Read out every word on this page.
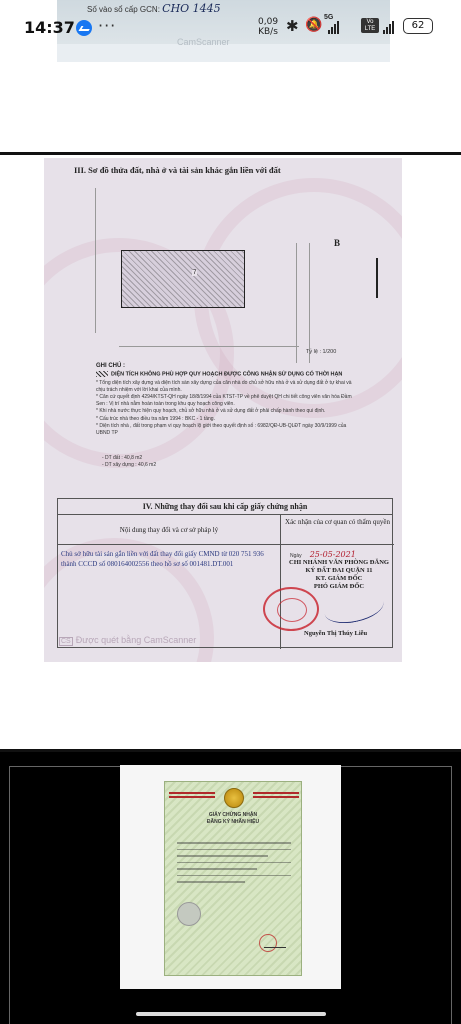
Số vào sổ cấp GCN: CHO 1445
CamScanner
14:37 ···	0,09
KB/s ✱ 🔕 5G
Vo
LTE	62
III. Sơ đồ thửa đất, nhà ở và tài sản khác gắn liền với đất
7
B
Tỷ lệ : 1/200
GHI CHÚ :
DIỆN TÍCH KHÔNG PHÙ HỢP QUY HOẠCH ĐƯỢC CÔNG NHẬN SỬ DỤNG CÓ THỜI HẠN

* Tổng diện tích xây dựng và diện tích sàn xây dựng của căn nhà do chủ sở hữu nhà ở và sử dụng đất ở tự khai và chịu trách nhiệm với lời khai của mình.

* Căn cứ quyết định 4294/KTST-QH ngày 18/8/1994 của KTST-TP về phê duyệt QH chi tiết công viên văn hóa Đầm Sen : Vị trí nhà nằm hoàn toàn trong khu quy hoạch công viên.

* Khi nhà nước thực hiện quy hoạch, chủ sở hữu nhà ở và sử dụng đất ở phải chấp hành theo qui định.

* Cấu trúc nhà theo điều tra năm 1994 : BKC - 1 tầng.

* Diện tích nhà , đất trong phạm vi quy hoạch lộ giới theo quyết định số : 6982/QĐ-UB-QLĐT ngày 30/9/1999 của UBND TP

- DT đất : 40,8 m2
- DT xây dựng : 40,6 m2
IV. Những thay đổi sau khi cấp giấy chứng nhận
Nội dung thay đổi và cơ sở pháp lý
Xác nhận của cơ quan có thẩm quyền
Chủ sở hữu tài sản gắn liền với đất thay đổi giấy CMND từ 020 751 936 thành CCCD số 080164002556 theo hồ sơ số 001481.DT.001
Ngày 25-05-2021
CHI NHÁNH VĂN PHÒNG ĐĂNG KÝ ĐẤT ĐAI QUẬN 11
KT. GIÁM ĐỐC
PHÓ GIÁM ĐỐC
Nguyễn Thị Thúy Liễu
CS Được quét bằng CamScanner
GIẤY CHỨNG NHẬN
ĐĂNG KÝ NHÃN HIỆU
